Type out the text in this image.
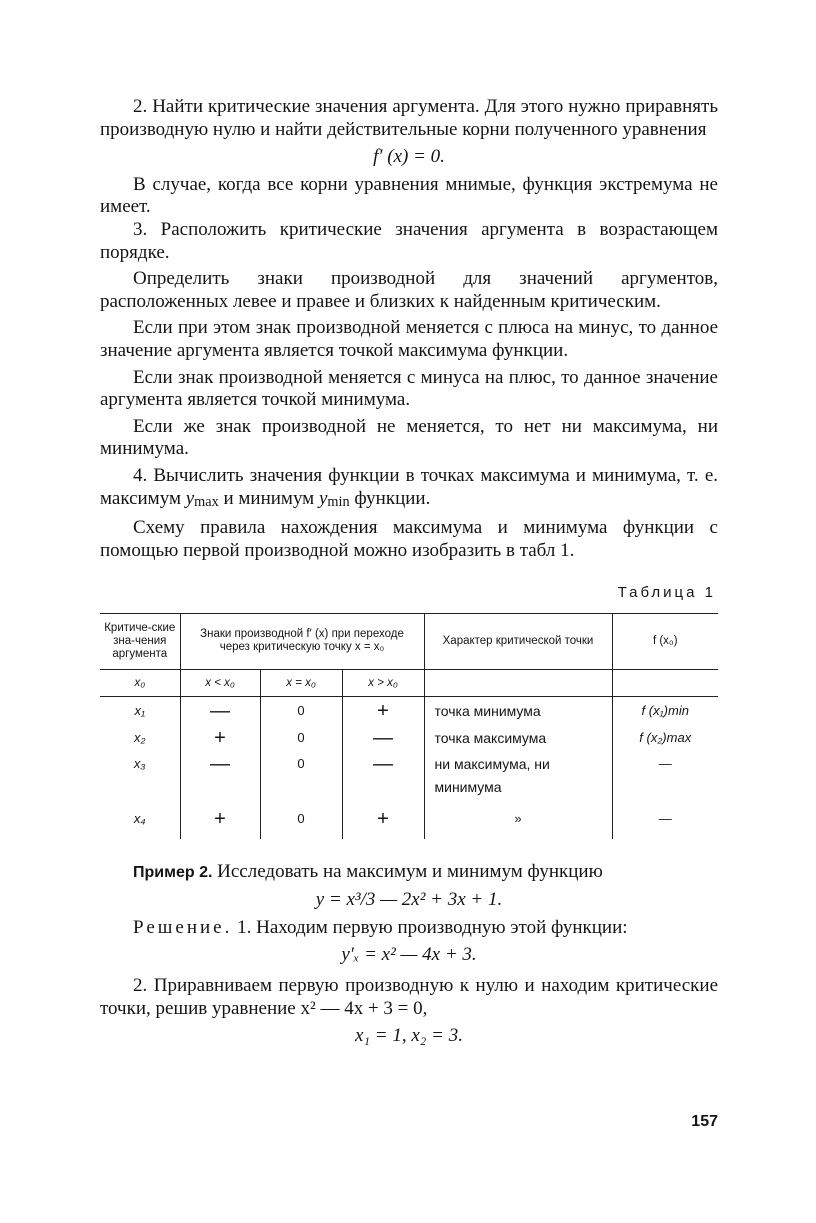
2. Найти критические значения аргумента. Для этого нужно приравнять производную нулю и найти действительные корни полученного уравнения

f′ (x) = 0.

В случае, когда все корни уравнения мнимые, функция экстремума не имеет.

3. Расположить критические значения аргумента в возрастающем порядке.

Определить знаки производной для значений аргументов, расположенных левее и правее и близких к найденным критическим.

Если при этом знак производной меняется с плюса на минус, то данное значение аргумента является точкой максимума функции.

Если знак производной меняется с минуса на плюс, то данное значение аргумента является точкой минимума.

Если же знак производной не меняется, то нет ни максимума, ни минимума.

4. Вычислить значения функции в точках максимума и минимума, т. е. максимум ymax и минимум ymin функции.

Схему правила нахождения максимума и минимума функции с помощью первой производной можно изобразить в табл 1.

Таблица 1
Критиче-ские зна-чения аргумента	Знаки производной f′ (x) при переходе через критическую точку x = x₀			Характер критической точки	f (x₀)
x₀	x < x₀	x = x₀	x > x₀		
x₁	—	0	+	точка минимума	f (x₁)min
x₂	+	0	—	точка максимума	f (x₂)max
x₃	—	0	—	ни максимума, ни минимума	—
x₄	+	0	+	»	—

Пример 2. Исследовать на максимум и минимум функцию

y = x³/3 — 2x² + 3x + 1.

Решение. 1. Находим первую производную этой функции:

y′ₓ = x² — 4x + 3.

2. Приравниваем первую производную к нулю и находим критические точки, решив уравнение x² — 4x + 3 = 0,

x₁ = 1, x₂ = 3.
157
